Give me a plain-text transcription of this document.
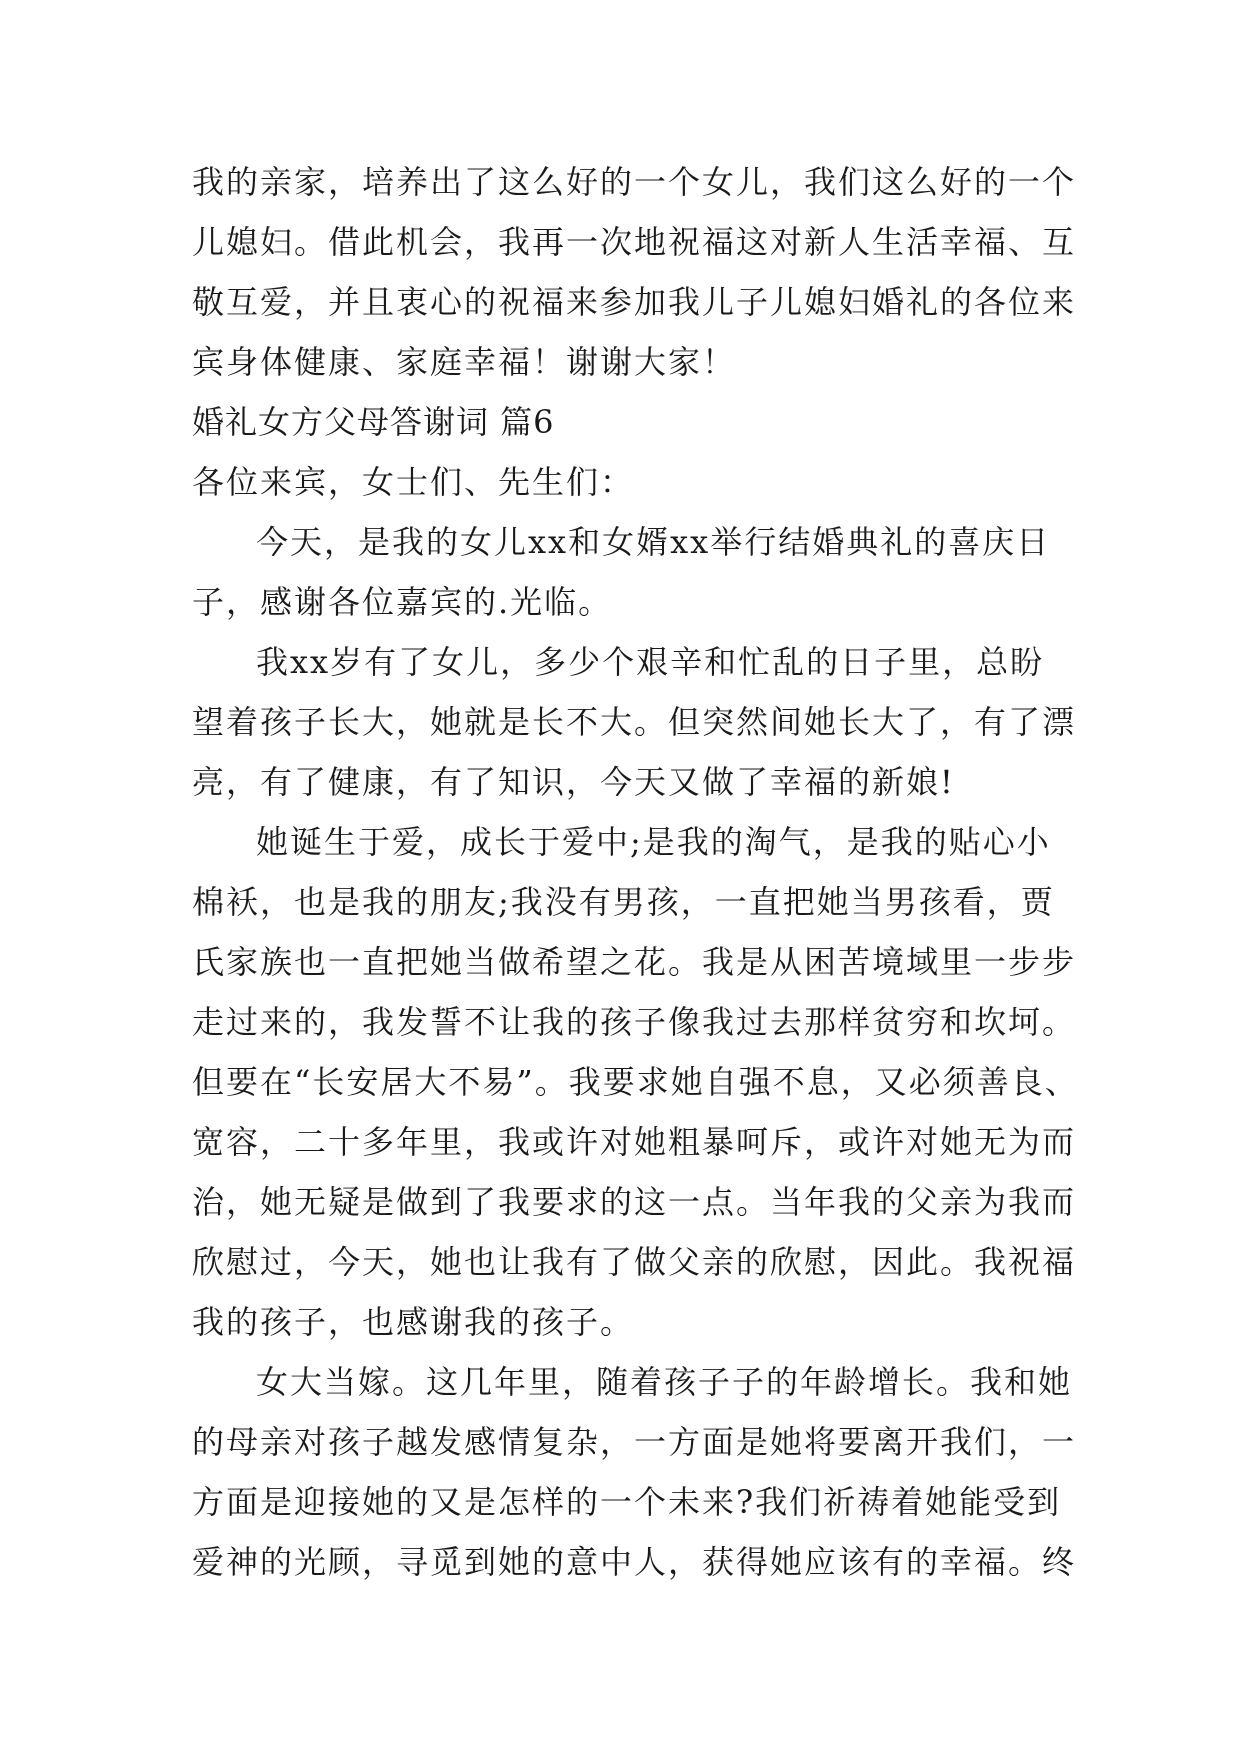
我的亲家，培养出了这么好的一个女儿，我们这么好的一个
儿媳妇。借此机会，我再一次地祝福这对新人生活幸福、互
敬互爱，并且衷心的祝福来参加我儿子儿媳妇婚礼的各位来
宾身体健康、家庭幸福！谢谢大家！
婚礼女方父母答谢词 篇6
各位来宾，女士们、先生们：
今天，是我的女儿xx和女婿xx举行结婚典礼的喜庆日
子，感谢各位嘉宾的.光临。
我xx岁有了女儿，多少个艰辛和忙乱的日子里，总盼
望着孩子长大，她就是长不大。但突然间她长大了，有了漂
亮，有了健康，有了知识，今天又做了幸福的新娘!
她诞生于爱，成长于爱中;是我的淘气，是我的贴心小
棉袄，也是我的朋友;我没有男孩，一直把她当男孩看，贾
氏家族也一直把她当做希望之花。我是从困苦境域里一步步
走过来的，我发誓不让我的孩子像我过去那样贫穷和坎坷。
但要在“长安居大不易”。我要求她自强不息，又必须善良、
宽容，二十多年里，我或许对她粗暴呵斥，或许对她无为而
治，她无疑是做到了我要求的这一点。当年我的父亲为我而
欣慰过，今天，她也让我有了做父亲的欣慰，因此。我祝福
我的孩子，也感谢我的孩子。
女大当嫁。这几年里，随着孩子子的年龄增长。我和她
的母亲对孩子越发感情复杂，一方面是她将要离开我们，一
方面是迎接她的又是怎样的一个未来?我们祈祷着她能受到
爱神的光顾，寻觅到她的意中人，获得她应该有的幸福。终
